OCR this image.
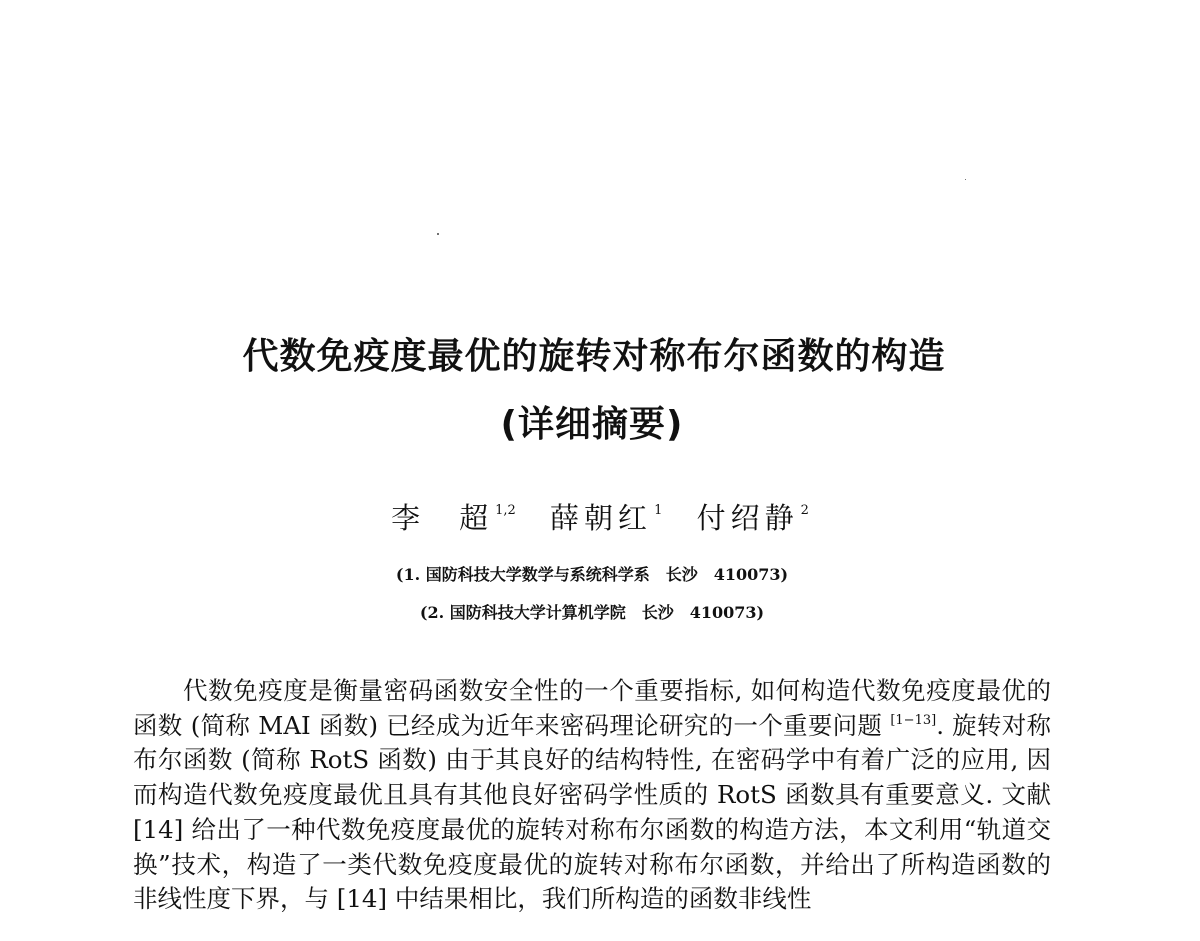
代数免疫度最优的旋转对称布尔函数的构造
(详细摘要)

李　超 $^{1,2}$ 薛朝红 $^1$ 付绍静 $^2$

(1. 国防科技大学数学与系统科学系　长沙　410073)

(2. 国防科技大学计算机学院　长沙　410073)

代数免疫度是衡量密码函数安全性的一个重要指标, 如何构造代数免疫度最优的函数 (简称 MAI 函数) 已经成为近年来密码理论研究的一个重要问题 [1−13]. 旋转对称布尔函数 (简称 RotS 函数) 由于其良好的结构特性, 在密码学中有着广泛的应用, 因而构造代数免疫度最优且具有其他良好密码学性质的 RotS 函数具有重要意义. 文献 [14] 给出了一种代数免疫度最优的旋转对称布尔函数的构造方法，本文利用“轨道交换”技术，构造了一类代数免疫度最优的旋转对称布尔函数，并给出了所构造函数的非线性度下界，与 [14] 中结果相比，我们所构造的函数非线性
